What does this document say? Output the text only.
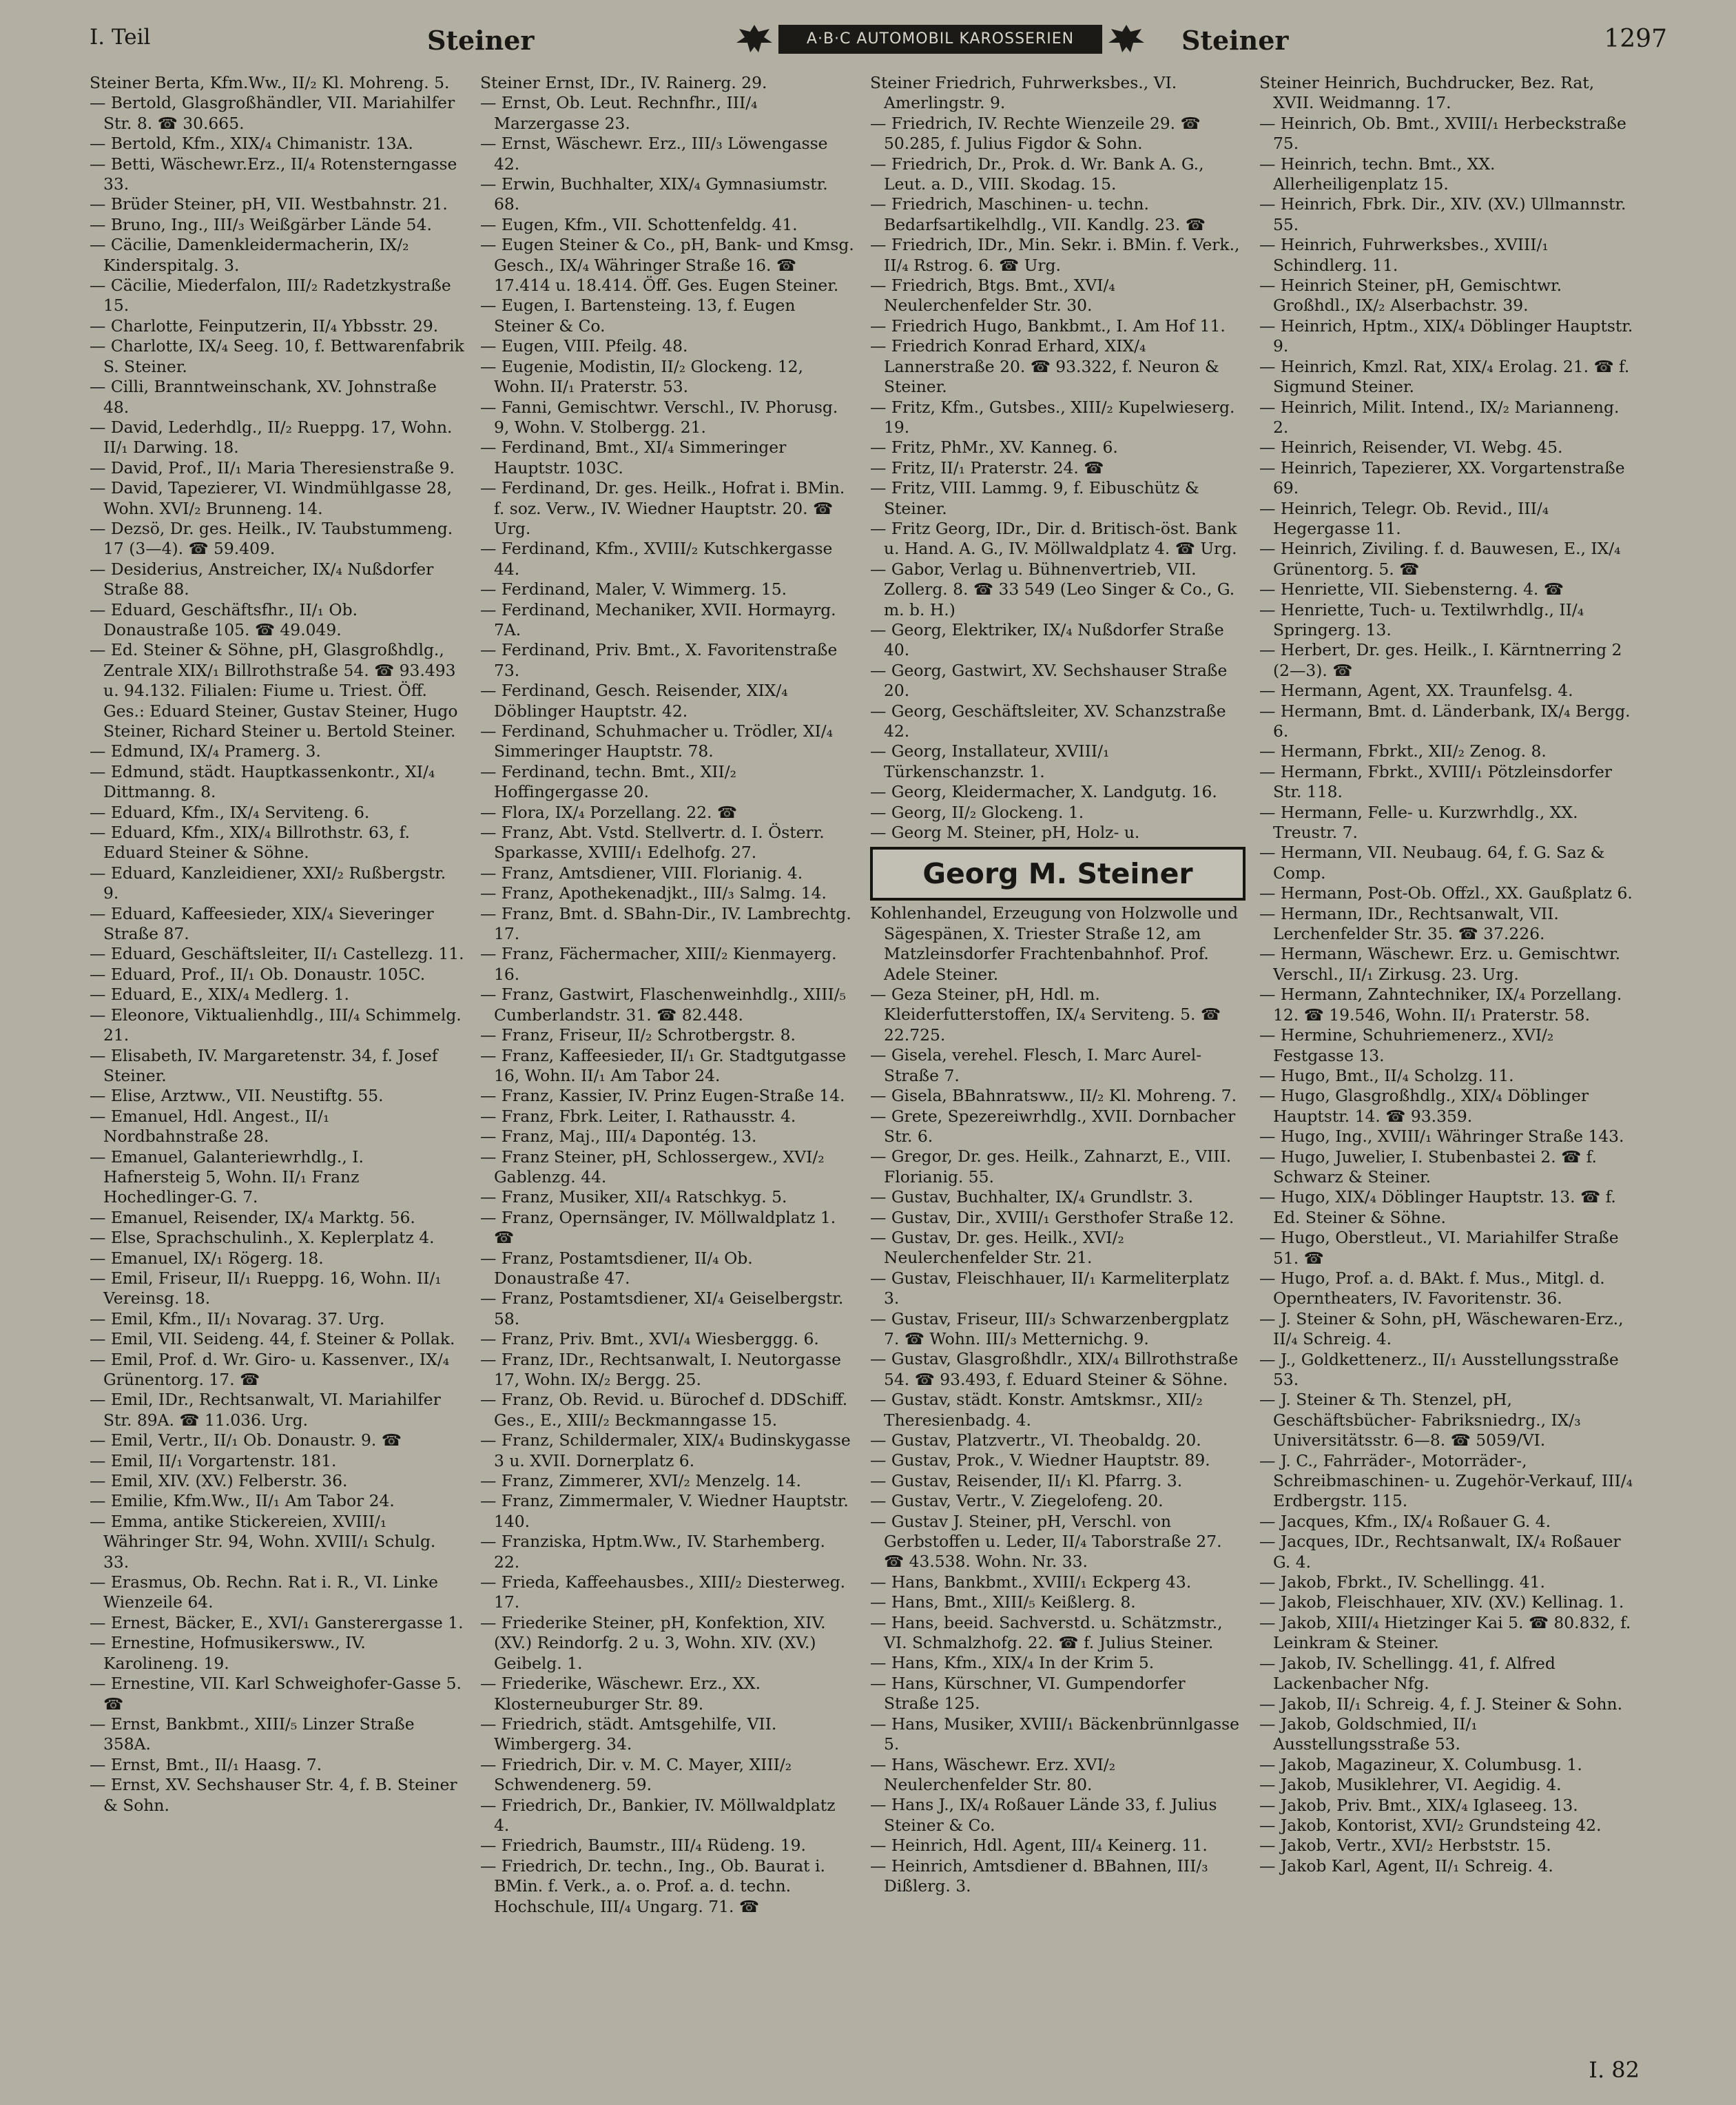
I. Teil	Steiner	A·B·C AUTOMOBIL KAROSSERIEN	Steiner	1297

Steiner Berta, Kfm.Ww., II/₂ Kl. Mohreng. 5.

— Bertold, Glasgroßhändler, VII. Mariahilfer Str. 8. ☎ 30.665.

— Bertold, Kfm., XIX/₄ Chimanistr. 13A.

— Betti, Wäschewr.Erz., II/₄ Rotensterngasse 33.

— Brüder Steiner, pH, VII. Westbahnstr. 21.

— Bruno, Ing., III/₃ Weißgärber Lände 54.

— Cäcilie, Damenkleidermacherin, IX/₂ Kinderspitalg. 3.

— Cäcilie, Miederfalon, III/₂ Radetzkystraße 15.

— Charlotte, Feinputzerin, II/₄ Ybbsstr. 29.

— Charlotte, IX/₄ Seeg. 10, f. Bettwarenfabrik S. Steiner.

— Cilli, Branntweinschank, XV. Johnstraße 48.

— David, Lederhdlg., II/₂ Rueppg. 17, Wohn. II/₁ Darwing. 18.

— David, Prof., II/₁ Maria Theresienstraße 9.

— David, Tapezierer, VI. Windmühlgasse 28, Wohn. XVI/₂ Brunneng. 14.

— Dezsö, Dr. ges. Heilk., IV. Taubstummeng. 17 (3—4). ☎ 59.409.

— Desiderius, Anstreicher, IX/₄ Nußdorfer Straße 88.

— Eduard, Geschäftsfhr., II/₁ Ob. Donaustraße 105. ☎ 49.049.

— Ed. Steiner & Söhne, pH, Glasgroßhdlg., Zentrale XIX/₁ Billrothstraße 54. ☎ 93.493 u. 94.132. Filialen: Fiume u. Triest. Öff. Ges.: Eduard Steiner, Gustav Steiner, Hugo Steiner, Richard Steiner u. Bertold Steiner.

— Edmund, IX/₄ Pramerg. 3.

— Edmund, städt. Hauptkassenkontr., XI/₄ Dittmanng. 8.

— Eduard, Kfm., IX/₄ Serviteng. 6.

— Eduard, Kfm., XIX/₄ Billrothstr. 63, f. Eduard Steiner & Söhne.

— Eduard, Kanzleidiener, XXI/₂ Rußbergstr. 9.

— Eduard, Kaffeesieder, XIX/₄ Sieveringer Straße 87.

— Eduard, Geschäftsleiter, II/₁ Castellezg. 11.

— Eduard, Prof., II/₁ Ob. Donaustr. 105C.

— Eduard, E., XIX/₄ Medlerg. 1.

— Eleonore, Viktualienhdlg., III/₄ Schimmelg. 21.

— Elisabeth, IV. Margaretenstr. 34, f. Josef Steiner.

— Elise, Arztww., VII. Neustiftg. 55.

— Emanuel, Hdl. Angest., II/₁ Nordbahnstraße 28.

— Emanuel, Galanteriewrhdlg., I. Hafnersteig 5, Wohn. II/₁ Franz Hochedlinger-G. 7.

— Emanuel, Reisender, IX/₄ Marktg. 56.

— Else, Sprachschulinh., X. Keplerplatz 4.

— Emanuel, IX/₁ Rögerg. 18.

— Emil, Friseur, II/₁ Rueppg. 16, Wohn. II/₁ Vereinsg. 18.

— Emil, Kfm., II/₁ Novarag. 37. Urg.

— Emil, VII. Seideng. 44, f. Steiner & Pollak.

— Emil, Prof. d. Wr. Giro- u. Kassenver., IX/₄ Grünentorg. 17. ☎

— Emil, IDr., Rechtsanwalt, VI. Mariahilfer Str. 89A. ☎ 11.036. Urg.

— Emil, Vertr., II/₁ Ob. Donaustr. 9. ☎

— Emil, II/₁ Vorgartenstr. 181.

— Emil, XIV. (XV.) Felberstr. 36.

— Emilie, Kfm.Ww., II/₁ Am Tabor 24.

— Emma, antike Stickereien, XVIII/₁ Währinger Str. 94, Wohn. XVIII/₁ Schulg. 33.

— Erasmus, Ob. Rechn. Rat i. R., VI. Linke Wienzeile 64.

— Ernest, Bäcker, E., XVI/₁ Gansterergasse 1.

— Ernestine, Hofmusikersww., IV. Karolineng. 19.

— Ernestine, VII. Karl Schweighofer-Gasse 5. ☎

— Ernst, Bankbmt., XIII/₅ Linzer Straße 358A.

— Ernst, Bmt., II/₁ Haasg. 7.

— Ernst, XV. Sechshauser Str. 4, f. B. Steiner & Sohn.

Steiner Ernst, IDr., IV. Rainerg. 29.

— Ernst, Ob. Leut. Rechnfhr., III/₄ Marzergasse 23.

— Ernst, Wäschewr. Erz., III/₃ Löwengasse 42.

— Erwin, Buchhalter, XIX/₄ Gymnasiumstr. 68.

— Eugen, Kfm., VII. Schottenfeldg. 41.

— Eugen Steiner & Co., pH, Bank- und Kmsg. Gesch., IX/₄ Währinger Straße 16. ☎ 17.414 u. 18.414. Öff. Ges. Eugen Steiner.

— Eugen, I. Bartensteing. 13, f. Eugen Steiner & Co.

— Eugen, VIII. Pfeilg. 48.

— Eugenie, Modistin, II/₂ Glockeng. 12, Wohn. II/₁ Praterstr. 53.

— Fanni, Gemischtwr. Verschl., IV. Phorusg. 9, Wohn. V. Stolbergg. 21.

— Ferdinand, Bmt., XI/₄ Simmeringer Hauptstr. 103C.

— Ferdinand, Dr. ges. Heilk., Hofrat i. BMin. f. soz. Verw., IV. Wiedner Hauptstr. 20. ☎ Urg.

— Ferdinand, Kfm., XVIII/₂ Kutschkergasse 44.

— Ferdinand, Maler, V. Wimmerg. 15.

— Ferdinand, Mechaniker, XVII. Hormayrg. 7A.

— Ferdinand, Priv. Bmt., X. Favoritenstraße 73.

— Ferdinand, Gesch. Reisender, XIX/₄ Döblinger Hauptstr. 42.

— Ferdinand, Schuhmacher u. Trödler, XI/₄ Simmeringer Hauptstr. 78.

— Ferdinand, techn. Bmt., XII/₂ Hoffingergasse 20.

— Flora, IX/₄ Porzellang. 22. ☎

— Franz, Abt. Vstd. Stellvertr. d. I. Österr. Sparkasse, XVIII/₁ Edelhofg. 27.

— Franz, Amtsdiener, VIII. Florianig. 4.

— Franz, Apothekenadjkt., III/₃ Salmg. 14.

— Franz, Bmt. d. SBahn-Dir., IV. Lambrechtg. 17.

— Franz, Fächermacher, XIII/₂ Kienmayerg. 16.

— Franz, Gastwirt, Flaschenweinhdlg., XIII/₅ Cumberlandstr. 31. ☎ 82.448.

— Franz, Friseur, II/₂ Schrotbergstr. 8.

— Franz, Kaffeesieder, II/₁ Gr. Stadtgutgasse 16, Wohn. II/₁ Am Tabor 24.

— Franz, Kassier, IV. Prinz Eugen-Straße 14.

— Franz, Fbrk. Leiter, I. Rathausstr. 4.

— Franz, Maj., III/₄ Dapontég. 13.

— Franz Steiner, pH, Schlossergew., XVI/₂ Gablenzg. 44.

— Franz, Musiker, XII/₄ Ratschkyg. 5.

— Franz, Opernsänger, IV. Möllwaldplatz 1. ☎

— Franz, Postamtsdiener, II/₄ Ob. Donaustraße 47.

— Franz, Postamtsdiener, XI/₄ Geiselbergstr. 58.

— Franz, Priv. Bmt., XVI/₄ Wiesberggg. 6.

— Franz, IDr., Rechtsanwalt, I. Neutorgasse 17, Wohn. IX/₂ Bergg. 25.

— Franz, Ob. Revid. u. Bürochef d. DDSchiff. Ges., E., XIII/₂ Beckmanngasse 15.

— Franz, Schildermaler, XIX/₄ Budinskygasse 3 u. XVII. Dornerplatz 6.

— Franz, Zimmerer, XVI/₂ Menzelg. 14.

— Franz, Zimmermaler, V. Wiedner Hauptstr. 140.

— Franziska, Hptm.Ww., IV. Starhemberg. 22.

— Frieda, Kaffeehausbes., XIII/₂ Diesterweg. 17.

— Friederike Steiner, pH, Konfektion, XIV. (XV.) Reindorfg. 2 u. 3, Wohn. XIV. (XV.) Geibelg. 1.

— Friederike, Wäschewr. Erz., XX. Klosterneuburger Str. 89.

— Friedrich, städt. Amtsgehilfe, VII. Wimbergerg. 34.

— Friedrich, Dir. v. M. C. Mayer, XIII/₂ Schwendenerg. 59.

— Friedrich, Dr., Bankier, IV. Möllwaldplatz 4.

— Friedrich, Baumstr., III/₄ Rüdeng. 19.

— Friedrich, Dr. techn., Ing., Ob. Baurat i. BMin. f. Verk., a. o. Prof. a. d. techn. Hochschule, III/₄ Ungarg. 71. ☎

Steiner Friedrich, Fuhrwerksbes., VI. Amerlingstr. 9.

— Friedrich, IV. Rechte Wienzeile 29. ☎ 50.285, f. Julius Figdor & Sohn.

— Friedrich, Dr., Prok. d. Wr. Bank A. G., Leut. a. D., VIII. Skodag. 15.

— Friedrich, Maschinen- u. techn. Bedarfsartikelhdlg., VII. Kandlg. 23. ☎

— Friedrich, IDr., Min. Sekr. i. BMin. f. Verk., II/₄ Rstrog. 6. ☎ Urg.

— Friedrich, Btgs. Bmt., XVI/₄ Neulerchenfelder Str. 30.

— Friedrich Hugo, Bankbmt., I. Am Hof 11.

— Friedrich Konrad Erhard, XIX/₄ Lannerstraße 20. ☎ 93.322, f. Neuron & Steiner.

— Fritz, Kfm., Gutsbes., XIII/₂ Kupelwieserg. 19.

— Fritz, PhMr., XV. Kanneg. 6.

— Fritz, II/₁ Praterstr. 24. ☎

— Fritz, VIII. Lammg. 9, f. Eibuschütz & Steiner.

— Fritz Georg, IDr., Dir. d. Britisch-öst. Bank u. Hand. A. G., IV. Möllwaldplatz 4. ☎ Urg.

— Gabor, Verlag u. Bühnenvertrieb, VII. Zollerg. 8. ☎ 33 549 (Leo Singer & Co., G. m. b. H.)

— Georg, Elektriker, IX/₄ Nußdorfer Straße 40.

— Georg, Gastwirt, XV. Sechshauser Straße 20.

— Georg, Geschäftsleiter, XV. Schanzstraße 42.

— Georg, Installateur, XVIII/₁ Türkenschanzstr. 1.

— Georg, Kleidermacher, X. Landgutg. 16.

— Georg, II/₂ Glockeng. 1.

— Georg M. Steiner, pH, Holz- u.

Georg M. Steiner

Kohlenhandel, Erzeugung von Holzwolle und Sägespänen, X. Triester Straße 12, am Matzleinsdorfer Frachtenbahnhof. Prof. Adele Steiner.

— Geza Steiner, pH, Hdl. m. Kleiderfutterstoffen, IX/₄ Serviteng. 5. ☎ 22.725.

— Gisela, verehel. Flesch, I. Marc Aurel-Straße 7.

— Gisela, BBahnratsww., II/₂ Kl. Mohreng. 7.

— Grete, Spezereiwrhdlg., XVII. Dornbacher Str. 6.

— Gregor, Dr. ges. Heilk., Zahnarzt, E., VIII. Florianig. 55.

— Gustav, Buchhalter, IX/₄ Grundlstr. 3.

— Gustav, Dir., XVIII/₁ Gersthofer Straße 12.

— Gustav, Dr. ges. Heilk., XVI/₂ Neulerchenfelder Str. 21.

— Gustav, Fleischhauer, II/₁ Karmeliterplatz 3.

— Gustav, Friseur, III/₃ Schwarzenbergplatz 7. ☎ Wohn. III/₃ Metternichg. 9.

— Gustav, Glasgroßhdlr., XIX/₄ Billrothstraße 54. ☎ 93.493, f. Eduard Steiner & Söhne.

— Gustav, städt. Konstr. Amtskmsr., XII/₂ Theresienbadg. 4.

— Gustav, Platzvertr., VI. Theobaldg. 20.

— Gustav, Prok., V. Wiedner Hauptstr. 89.

— Gustav, Reisender, II/₁ Kl. Pfarrg. 3.

— Gustav, Vertr., V. Ziegelofeng. 20.

— Gustav J. Steiner, pH, Verschl. von Gerbstoffen u. Leder, II/₄ Taborstraße 27. ☎ 43.538. Wohn. Nr. 33.

— Hans, Bankbmt., XVIII/₁ Eckperg 43.

— Hans, Bmt., XIII/₅ Keißlerg. 8.

— Hans, beeid. Sachverstd. u. Schätzmstr., VI. Schmalzhofg. 22. ☎ f. Julius Steiner.

— Hans, Kfm., XIX/₄ In der Krim 5.

— Hans, Kürschner, VI. Gumpendorfer Straße 125.

— Hans, Musiker, XVIII/₁ Bäckenbrünnlgasse 5.

— Hans, Wäschewr. Erz. XVI/₂ Neulerchenfelder Str. 80.

— Hans J., IX/₄ Roßauer Lände 33, f. Julius Steiner & Co.

— Heinrich, Hdl. Agent, III/₄ Keinerg. 11.

— Heinrich, Amtsdiener d. BBahnen, III/₃ Dißlerg. 3.

Steiner Heinrich, Buchdrucker, Bez. Rat, XVII. Weidmanng. 17.

— Heinrich, Ob. Bmt., XVIII/₁ Herbeckstraße 75.

— Heinrich, techn. Bmt., XX. Allerheiligenplatz 15.

— Heinrich, Fbrk. Dir., XIV. (XV.) Ullmannstr. 55.

— Heinrich, Fuhrwerksbes., XVIII/₁ Schindlerg. 11.

— Heinrich Steiner, pH, Gemischtwr. Großhdl., IX/₂ Alserbachstr. 39.

— Heinrich, Hptm., XIX/₄ Döblinger Hauptstr. 9.

— Heinrich, Kmzl. Rat, XIX/₄ Erolag. 21. ☎ f. Sigmund Steiner.

— Heinrich, Milit. Intend., IX/₂ Marianneng. 2.

— Heinrich, Reisender, VI. Webg. 45.

— Heinrich, Tapezierer, XX. Vorgartenstraße 69.

— Heinrich, Telegr. Ob. Revid., III/₄ Hegergasse 11.

— Heinrich, Ziviling. f. d. Bauwesen, E., IX/₄ Grünentorg. 5. ☎

— Henriette, VII. Siebensterng. 4. ☎

— Henriette, Tuch- u. Textilwrhdlg., II/₄ Springerg. 13.

— Herbert, Dr. ges. Heilk., I. Kärntnerring 2 (2—3). ☎

— Hermann, Agent, XX. Traunfelsg. 4.

— Hermann, Bmt. d. Länderbank, IX/₄ Bergg. 6.

— Hermann, Fbrkt., XII/₂ Zenog. 8.

— Hermann, Fbrkt., XVIII/₁ Pötzleinsdorfer Str. 118.

— Hermann, Felle- u. Kurzwrhdlg., XX. Treustr. 7.

— Hermann, VII. Neubaug. 64, f. G. Saz & Comp.

— Hermann, Post-Ob. Offzl., XX. Gaußplatz 6.

— Hermann, IDr., Rechtsanwalt, VII. Lerchenfelder Str. 35. ☎ 37.226.

— Hermann, Wäschewr. Erz. u. Gemischtwr. Verschl., II/₁ Zirkusg. 23. Urg.

— Hermann, Zahntechniker, IX/₄ Porzellang. 12. ☎ 19.546, Wohn. II/₁ Praterstr. 58.

— Hermine, Schuhriemenerz., XVI/₂ Festgasse 13.

— Hugo, Bmt., II/₄ Scholzg. 11.

— Hugo, Glasgroßhdlg., XIX/₄ Döblinger Hauptstr. 14. ☎ 93.359.

— Hugo, Ing., XVIII/₁ Währinger Straße 143.

— Hugo, Juwelier, I. Stubenbastei 2. ☎ f. Schwarz & Steiner.

— Hugo, XIX/₄ Döblinger Hauptstr. 13. ☎ f. Ed. Steiner & Söhne.

— Hugo, Oberstleut., VI. Mariahilfer Straße 51. ☎

— Hugo, Prof. a. d. BAkt. f. Mus., Mitgl. d. Operntheaters, IV. Favoritenstr. 36.

— J. Steiner & Sohn, pH, Wäschewaren-Erz., II/₄ Schreig. 4.

— J., Goldkettenerz., II/₁ Ausstellungsstraße 53.

— J. Steiner & Th. Stenzel, pH, Geschäftsbücher- Fabriksniedrg., IX/₃ Universitätsstr. 6—8. ☎ 5059/VI.

— J. C., Fahrräder-, Motorräder-, Schreibmaschinen- u. Zugehör-Verkauf, III/₄ Erdbergstr. 115.

— Jacques, Kfm., IX/₄ Roßauer G. 4.

— Jacques, IDr., Rechtsanwalt, IX/₄ Roßauer G. 4.

— Jakob, Fbrkt., IV. Schellingg. 41.

— Jakob, Fleischhauer, XIV. (XV.) Kellinag. 1.

— Jakob, XIII/₄ Hietzinger Kai 5. ☎ 80.832, f. Leinkram & Steiner.

— Jakob, IV. Schellingg. 41, f. Alfred Lackenbacher Nfg.

— Jakob, II/₁ Schreig. 4, f. J. Steiner & Sohn.

— Jakob, Goldschmied, II/₁ Ausstellungsstraße 53.

— Jakob, Magazineur, X. Columbusg. 1.

— Jakob, Musiklehrer, VI. Aegidig. 4.

— Jakob, Priv. Bmt., XIX/₄ Iglaseeg. 13.

— Jakob, Kontorist, XVI/₂ Grundsteing 42.

— Jakob, Vertr., XVI/₂ Herbststr. 15.

— Jakob Karl, Agent, II/₁ Schreig. 4.

I. 82
